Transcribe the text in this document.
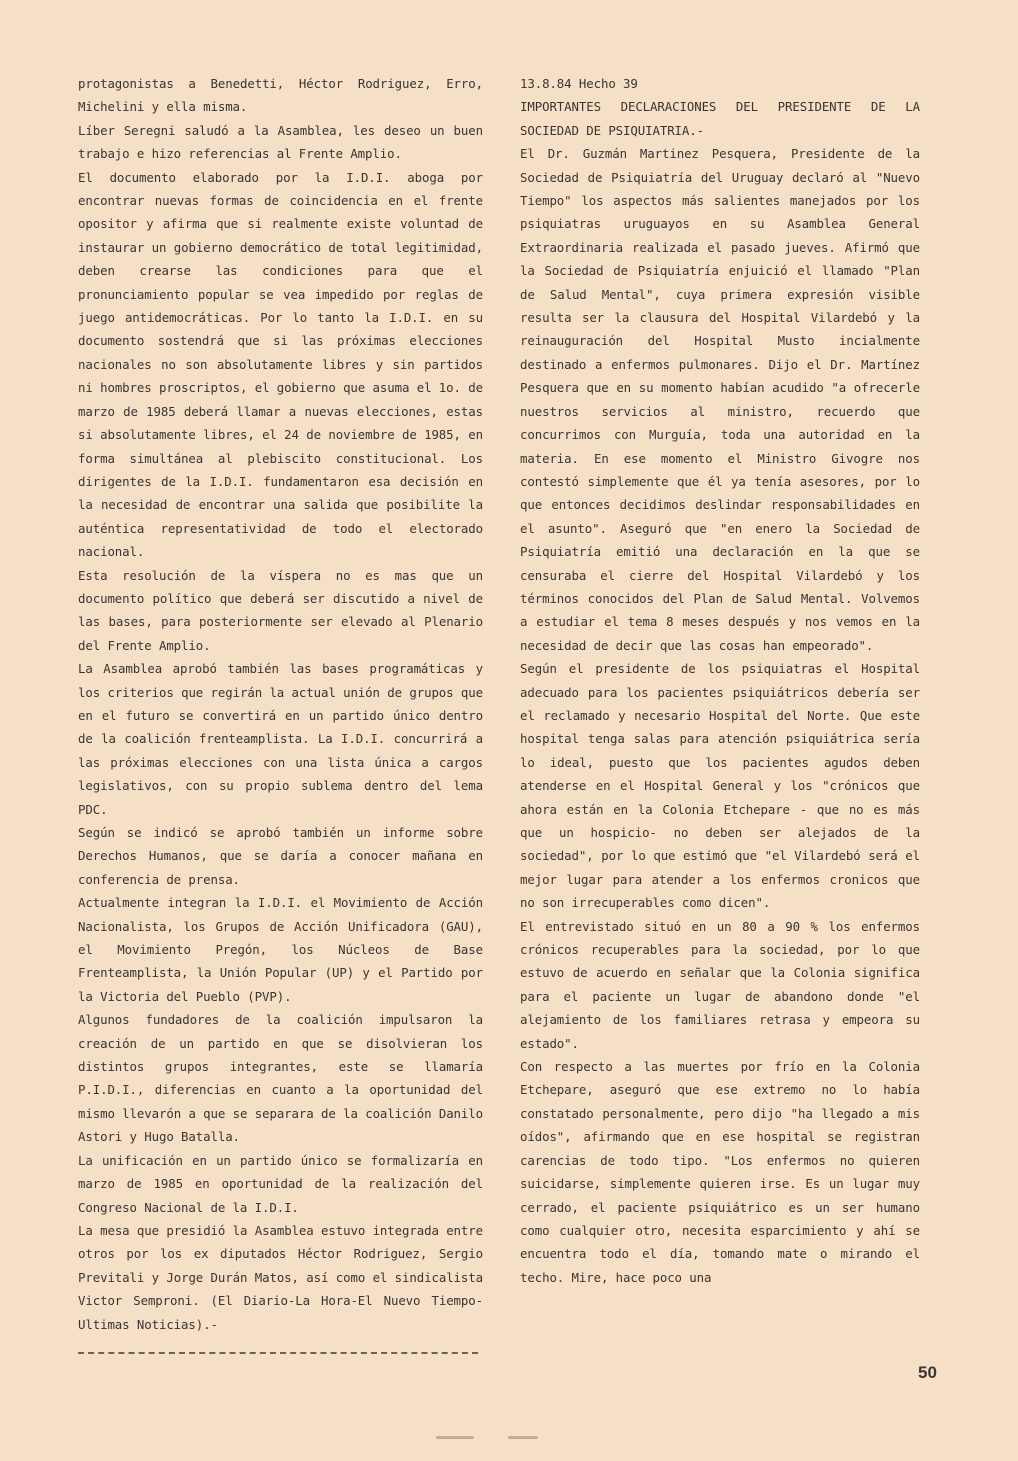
protagonistas a Benedetti, Héctor Rodriguez, Erro, Michelini y ella misma.

Líber Seregni saludó a la Asamblea, les deseo un buen trabajo e hizo referencias al Frente Amplio.

El documento elaborado por la I.D.I. aboga por encontrar nuevas formas de coincidencia en el frente opositor y afirma que si realmente existe voluntad de instaurar un gobierno democrático de total legitimidad, deben crearse las condiciones para que el pronunciamiento popular se vea impedido por reglas de juego antidemocráticas. Por lo tanto la I.D.I. en su documento sostendrá que si las próximas elecciones nacionales no son absolutamente libres y sin partidos ni hombres proscriptos, el gobierno que asuma el 1o. de marzo de 1985 deberá llamar a nuevas elecciones, estas si absolutamente libres, el 24 de noviembre de 1985, en forma simultánea al plebiscito constitucional. Los dirigentes de la I.D.I. fundamentaron esa decisión en la necesidad de encontrar una salida que posibilite la auténtica representatividad de todo el electorado nacional.

Esta resolución de la víspera no es mas que un documento político que deberá ser discutido a nivel de las bases, para posteriormente ser elevado al Plenario del Frente Amplio.

La Asamblea aprobó también las bases programáticas y los criterios que regirán la actual unión de grupos que en el futuro se convertirá en un partido único dentro de la coalición frenteamplista. La I.D.I. concurrirá a las próximas elecciones con una lista única a cargos legislativos, con su propio sublema dentro del lema PDC.

Según se indicó se aprobó también un informe sobre Derechos Humanos, que se daría a conocer mañana en conferencia de prensa.

Actualmente integran la I.D.I. el Movimiento de Acción Nacionalista, los Grupos de Acción Unificadora (GAU), el Movimiento Pregón, los Núcleos de Base Frenteamplista, la Unión Popular (UP) y el Partido por la Victoria del Pueblo (PVP).

Algunos fundadores de la coalición impulsaron la creación de un partido en que se disolvieran los distintos grupos integrantes, este se llamaría P.I.D.I., diferencias en cuanto a la oportunidad del mismo llevarón a que se separara de la coalición Danilo Astori y Hugo Batalla.

La unificación en un partido único se formalizaría en marzo de 1985 en oportunidad de la realización del Congreso Nacional de la I.D.I.

La mesa que presidió la Asamblea estuvo integrada entre otros por los ex diputados Héctor Rodriguez, Sergio Previtali y Jorge Durán Matos, así como el sindicalista Victor Semproni. (El Diario-La Hora-El Nuevo Tiempo-Ultimas Noticias).-

13.8.84 Hecho 39

IMPORTANTES DECLARACIONES DEL PRESIDENTE DE LA SOCIEDAD DE PSIQUIATRIA.-

El Dr. Guzmán Martinez Pesquera, Presidente de la Sociedad de Psiquiatría del Uruguay declaró al "Nuevo Tiempo" los aspectos más salientes manejados por los psiquiatras uruguayos en su Asamblea General Extraordinaria realizada el pasado jueves. Afirmó que la Sociedad de Psiquiatría enjuició el llamado "Plan de Salud Mental", cuya primera expresión visible resulta ser la clausura del Hospital Vilardebó y la reinauguración del Hospital Musto incialmente destinado a enfermos pulmonares. Dijo el Dr. Martínez Pesquera que en su momento habían acudido "a ofrecerle nuestros servicios al ministro, recuerdo que concurrimos con Murguía, toda una autoridad en la materia. En ese momento el Ministro Givogre nos contestó simplemente que él ya tenía asesores, por lo que entonces decidimos deslindar responsabilidades en el asunto". Aseguró que "en enero la Sociedad de Psiquiatría emitió una declaración en la que se censuraba el cierre del Hospital Vilardebó y los términos conocidos del Plan de Salud Mental. Volvemos a estudiar el tema 8 meses después y nos vemos en la necesidad de decir que las cosas han empeorado".

Según el presidente de los psiquiatras el Hospital adecuado para los pacientes psiquiátricos debería ser el reclamado y necesario Hospital del Norte. Que este hospital tenga salas para atención psiquiátrica sería lo ideal, puesto que los pacientes agudos deben atenderse en el Hospital General y los "crónicos que ahora están en la Colonia Etchepare - que no es más que un hospicio- no deben ser alejados de la sociedad", por lo que estimó que "el Vilardebó será el mejor lugar para atender a los enfermos cronicos que no son irrecuperables como dicen".

El entrevistado situó en un 80 a 90 % los enfermos crónicos recuperables para la sociedad, por lo que estuvo de acuerdo en señalar que la Colonia significa para el paciente un lugar de abandono donde "el alejamiento de los familiares retrasa y empeora su estado".

Con respecto a las muertes por frío en la Colonia Etchepare, aseguró que ese extremo no lo había constatado personalmente, pero dijo "ha llegado a mis oídos", afirmando que en ese hospital se registran carencias de todo tipo. "Los enfermos no quieren suicidarse, simplemente quieren irse. Es un lugar muy cerrado, el paciente psiquiátrico es un ser humano como cualquier otro, necesita esparcimiento y ahí se encuentra todo el día, tomando mate o mirando el techo. Mire, hace poco una

50
